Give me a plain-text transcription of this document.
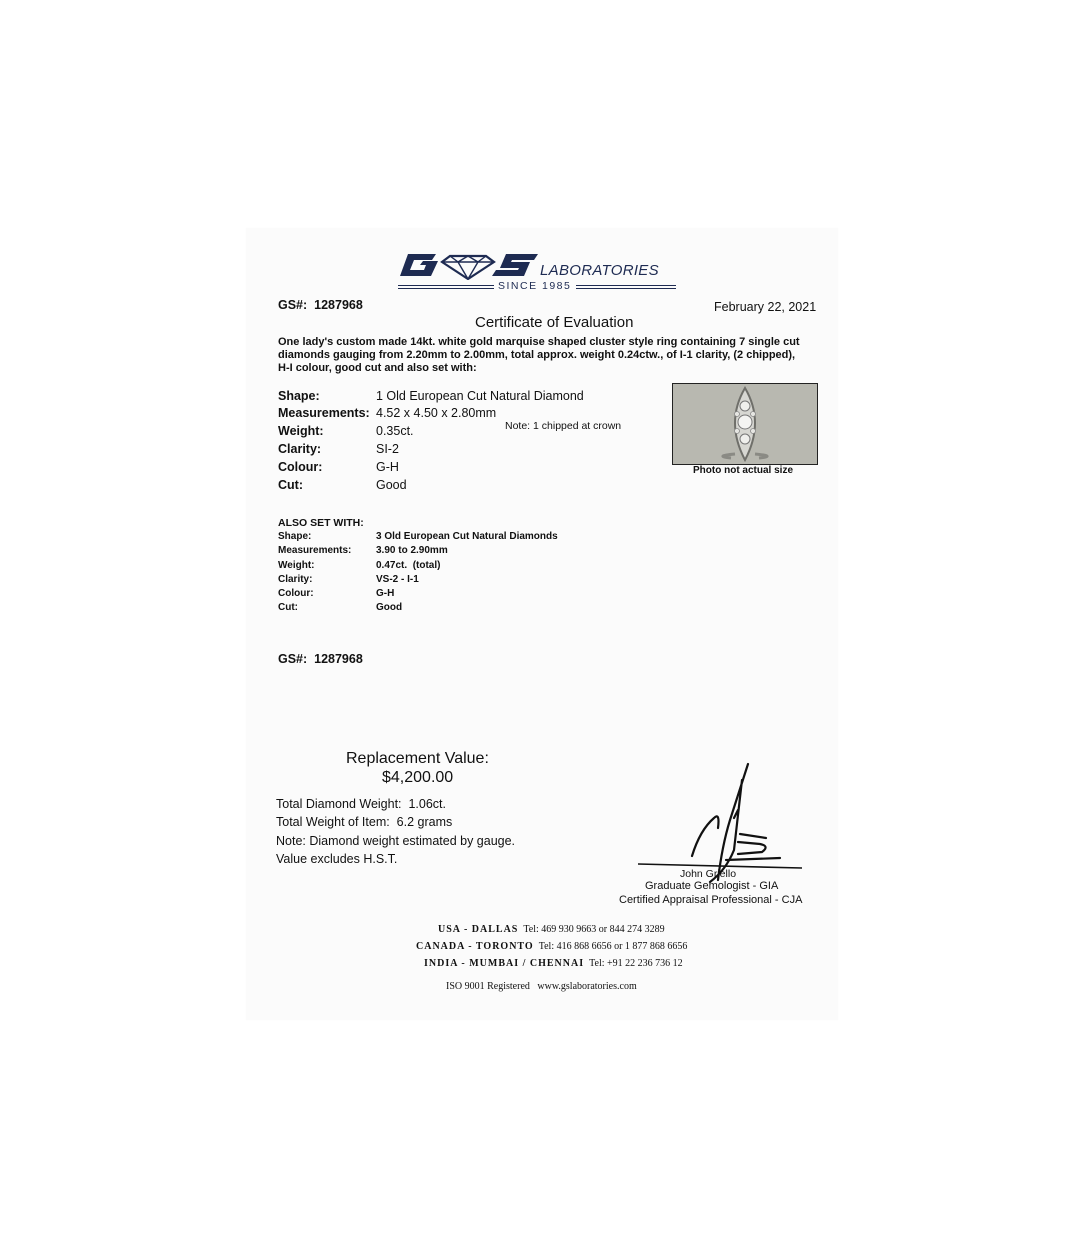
LABORATORIES
SINCE 1985
GS#: 1287968	February 22, 2021
Certificate of Evaluation
One lady's custom made 14kt. white gold marquise shaped cluster style ring containing 7 single cut
diamonds gauging from 2.20mm to 2.00mm, total approx. weight 0.24ctw., of I-1 clarity, (2 chipped),
H-I colour, good cut and also set with:
Shape:	1 Old European Cut Natural Diamond
Measurements: 4.52 x 4.50 x 2.80mm
Weight:	0.35ct.	Note: 1 chipped at crown
Clarity:	SI-2
Colour:	G-H
Cut:	Good
Photo not actual size
ALSO SET WITH:
Shape:	3 Old European Cut Natural Diamonds
Measurements: 3.90 to 2.90mm
Weight:	0.47ct.  (total)
Clarity:	VS-2 - I-1
Colour:	G-H
Cut:	Good
GS#:  1287968
Replacement Value:
$4,200.00
Total Diamond Weight:  1.06ct.
Total Weight of Item:  6.2 grams
Note: Diamond weight estimated by gauge.
Value excludes H.S.T.
John Griello
Graduate Gemologist - GIA
Certified Appraisal Professional - CJA
USA - DALLAS Tel: 469 930 9663 or 844 274 3289
CANADA - TORONTO Tel: 416 868 6656 or 1 877 868 6656
INDIA - MUMBAI / CHENNAI Tel: +91 22 236 736 12
ISO 9001 Registered www.gslaboratories.com
